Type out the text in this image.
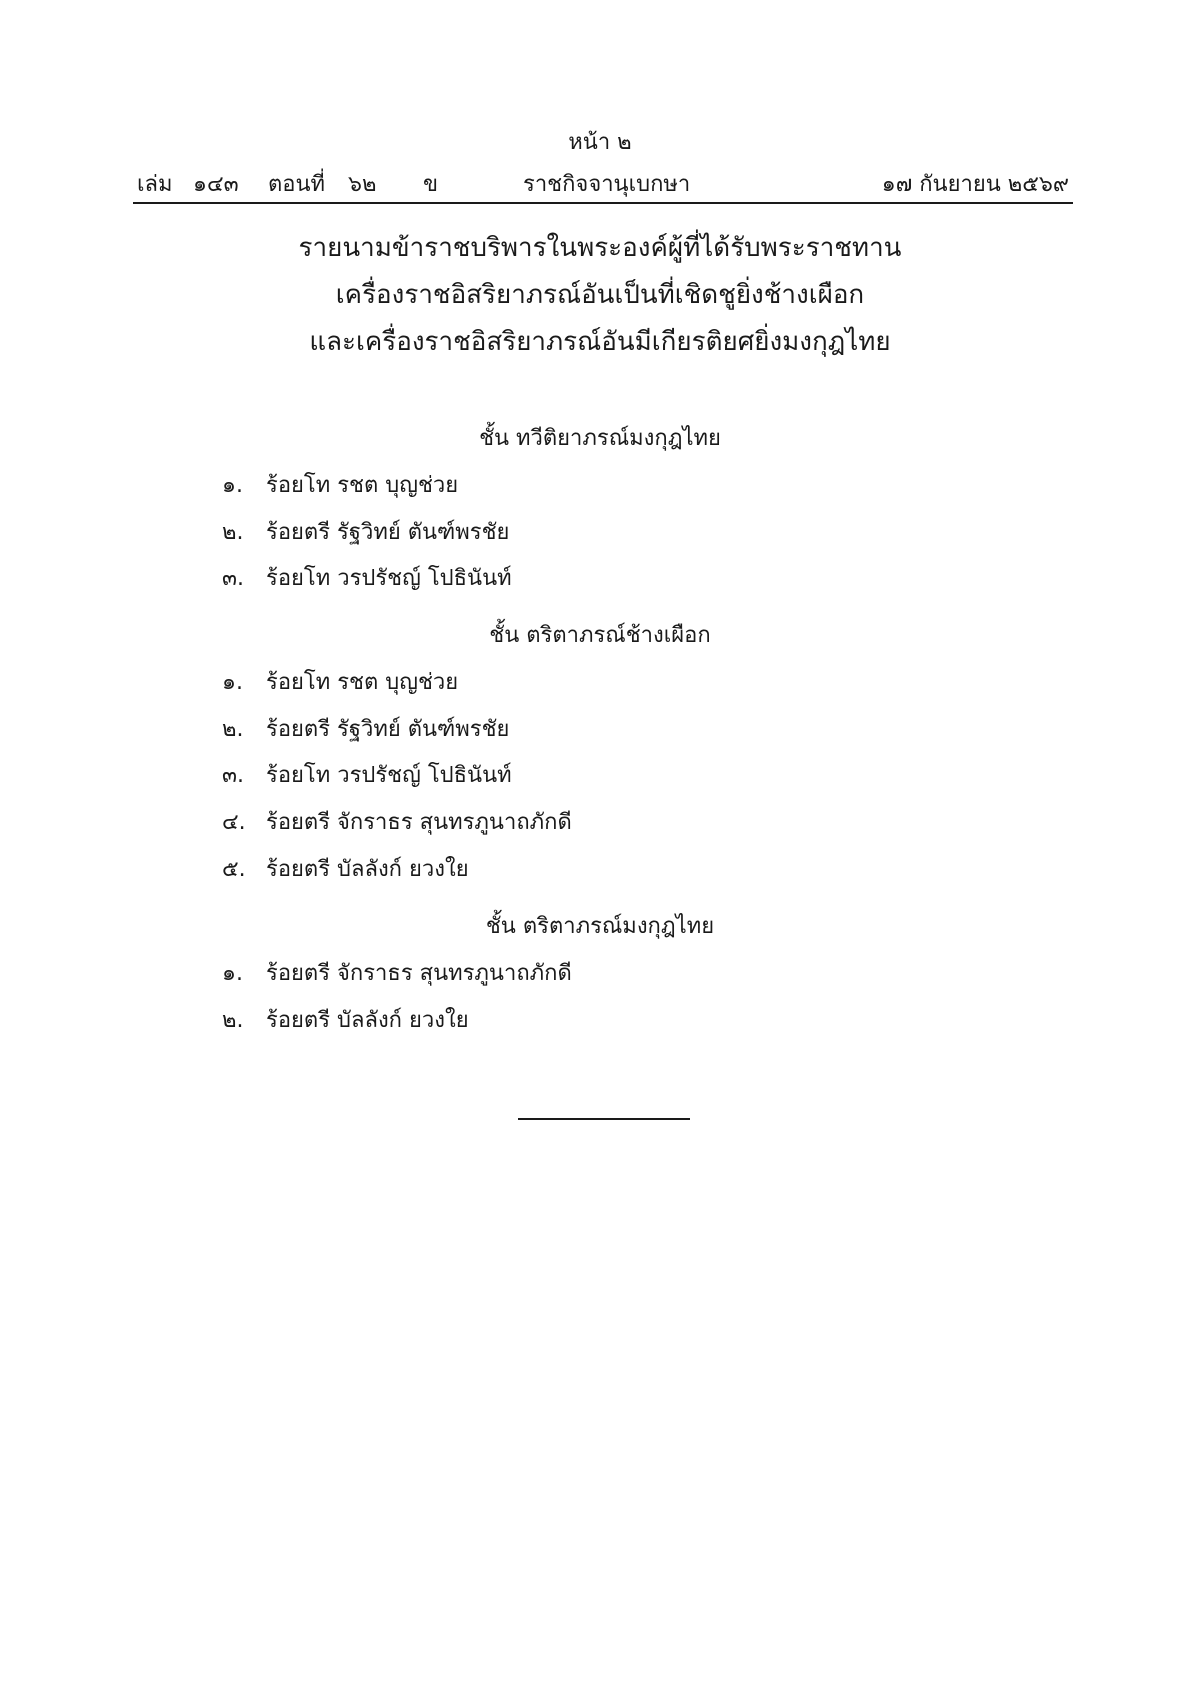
หน้า ๒
เล่ม ๑๔๓ ตอนที่ ๖๒ ข	ราชกิจจานุเบกษา	๑๗ กันยายน ๒๕๖๙
รายนามข้าราชบริพารในพระองค์ผู้ที่ได้รับพระราชทาน
เครื่องราชอิสริยาภรณ์อันเป็นที่เชิดชูยิ่งช้างเผือก
และเครื่องราชอิสริยาภรณ์อันมีเกียรติยศยิ่งมงกุฎไทย
ชั้น ทวีติยาภรณ์มงกุฎไทย
๑. ร้อยโท รชต บุญช่วย
๒. ร้อยตรี รัฐวิทย์ ตันฑ์พรชัย
๓. ร้อยโท วรปรัชญ์ โปธินันท์
ชั้น ตริตาภรณ์ช้างเผือก
๑. ร้อยโท รชต บุญช่วย
๒. ร้อยตรี รัฐวิทย์ ตันฑ์พรชัย
๓. ร้อยโท วรปรัชญ์ โปธินันท์
๔. ร้อยตรี จักราธร สุนทรภูนาถภักดี
๕. ร้อยตรี บัลลังก์ ยวงใย
ชั้น ตริตาภรณ์มงกุฎไทย
๑. ร้อยตรี จักราธร สุนทรภูนาถภักดี
๒. ร้อยตรี บัลลังก์ ยวงใย
